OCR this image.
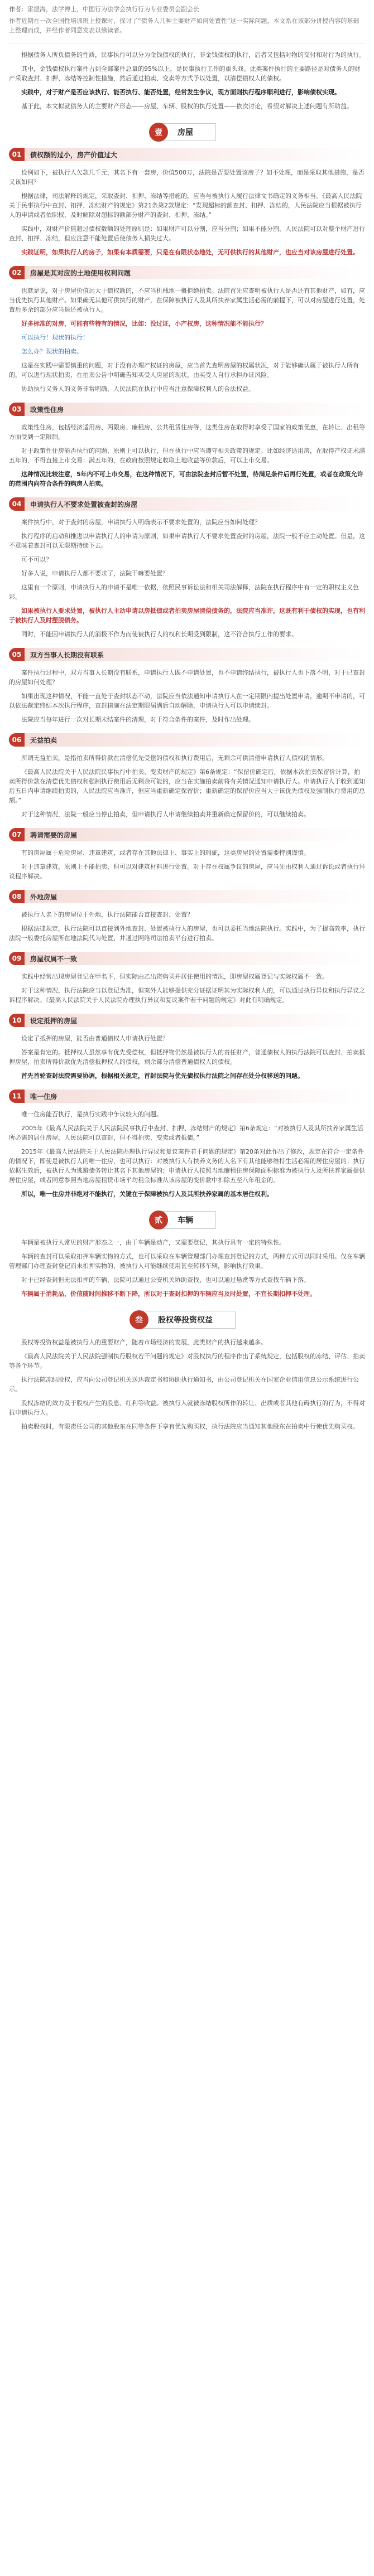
作者：雷振海，法学博士，中国行为法学会执行行为专业委员会副会长

作者近期在一次全国性培训班上授课时，探讨了“债务人几种主要财产如何处置性”这一实际问题，本文系在该部分讲授内容的基础上整理而成，并经作者同意发表以飨读者。

根据债务人所负债务的性质，民事执行可以分为金钱债权的执行、非金钱债权的执行，后者又包括对物的交付和对行为的执行。

其中，金钱债权执行案件占到全部案件总量的95%以上，是民事执行工作的重头戏。此类案件执行的主要路径是对债务人的财产采取查封、扣押、冻结等控制性措施，然后通过拍卖、变卖等方式予以处置，以清偿债权人的债权。

实践中，对于财产是否应该执行、能否执行、能否处置，经常发生争议，现方面则执行程序顺利进行，影响债权实现。

基于此，本文拟就债务人的主要财产形态——房屋、车辆、股权的执行处置——依次讨论，希望对解决上述问题有所助益。

壹	房屋
01	债权额的过小，房产价值过大

设例如下，被执行人欠款几千元，其名下有一套房，价值500万，法院是否要处置该房子？如不处理，而是采取其他措施，是否又该如何？

根据法律，司法解释的规定，采取查封、扣押、冻结等措施的，应当与被执行人履行法律文书确定的义务相当。《最高人民法院关于民事执行中查封、扣押、冻结财产的规定》第21条第2款规定：“发现超标的额查封、扣押、冻结的，人民法院应当根据被执行人的申请或者依职权，及时解除对超标的额部分财产的查封、扣押、冻结。”

实践中，对财产价值超过债权数额的处理原则是：如果财产可以分割，应当分割；如果不能分割，人民法院可以对整个财产进行查封、扣押、冻结，但应注意不能处置后使债务人损失过大。

实践证明，如果执行人的房子，如果有本质需要，只是在有限状态地处，无可供执行的其他财产，也应当对该房屋进行处置。

02	房屋是其对应的土地使用权利问题

也就是说，对于房屋价值远大于债权额的，不应当机械地一概拒绝拍卖。法院首先应查明被执行人是否还有其他财产，如有，应当优先执行其他财产。如果确无其他可供执行的财产，在保障被执行人及其所扶养家属生活必需的前提下，可以对房屋进行处置，处置后多余的部分应当退还被执行人。

好多标准的对房，可能有些特有的情况，比如：没过证，小产权房，这种情况能不能执行？

可以执行！现状的执行！

怎么办？现状的拍卖。

这是在实践中需要慎重的问题，对于没有办理产权证的房屋，应当首先查明房屋的权属状况，对于能够确认属于被执行人所有的，可以进行现状拍卖，在拍卖公告中明确告知买受人房屋的现状，由买受人自行承担办证风险。

协助执行义务人的义务非常明确，人民法院在执行中应当注意保障权利人的合法权益。

03	政策性住房

政策性住房，包括经济适用房、两限房、廉租房、公共租赁住房等，这类住房在取得时享受了国家的政策优惠，在转让、出租等方面受到一定限制。

对于政策性住房能否执行的问题，原则上可以执行，但在执行中应当遵守相关政策的规定。比如经济适用房，在取得产权证未满五年的，不得直接上市交易；满五年的，在政府按照规定收取土地收益等价款后，可以上市交易。

这种情况比较注意，5年内不可上市交易，在这种情况下，可由法院查封后暂不处置，待满足条件后再行处置，或者在政策允许的范围内向符合条件的购房人拍卖。

04	申请执行人不要求处置被查封的房屋

案件执行中，对于查封的房屋，申请执行人明确表示不要求处置的，法院应当如何处理？

执行程序的启动和推进以申请执行人的申请为原则，如果申请执行人不要求处置查封的房屋，法院一般不应主动处置。但是，这不意味着查封可以无限期持续下去。

可不可以？

好多人说，申请执行人都不要求了，法院干嘛要处置？

这里有一个原则，申请执行人的申请不是唯一依据，依照民事诉讼法和相关司法解释，法院在执行程序中有一定的职权主义色彩。

如果被执行人要求处置，被执行人主动申请以房抵债或者拍卖房屋清偿债务的，法院应当准许，这既有利于债权的实现，也有利于被执行人及时摆脱债务。

同时，不能因申请执行人的消极不作为而使被执行人的权利长期受到限制，这不符合执行工作的要求。

05	双方当事人长期没有联系

案件执行过程中，双方当事人长期没有联系，申请执行人既不申请处置，也不申请终结执行，被执行人也下落不明，对于已查封的房屋如何处理？

如果出现这种情况，不能一直处于查封状态不动，法院应当依法通知申请执行人在一定期限内提出处置申请，逾期不申请的，可以依法裁定终结本次执行程序，查封措施在法定期限届满后自动解除，申请执行人可以申请续封。

法院应当每年进行一次对长期未结案件的清理，对于符合条件的案件，及时作出处理。

06	无益拍卖

所谓无益拍卖，是指拍卖所得价款在清偿优先受偿的债权和执行费用后，无剩余可供清偿申请执行人债权的情形。

《最高人民法院关于人民法院民事执行中拍卖、变卖财产的规定》第6条规定：“保留价确定后，依据本次拍卖保留价计算，拍卖所得价款在清偿优先债权和强制执行费用后无剩余可能的，应当在实施拍卖前将有关情况通知申请执行人。申请执行人于收到通知后五日内申请继续拍卖的，人民法院应当准许，但应当重新确定保留价；重新确定的保留价应当大于该优先债权及强制执行费用的总额。”

对于这种情况，法院一般应当停止拍卖，但申请执行人申请继续拍卖并重新确定保留价的，可以继续拍卖。

07	聘请需要的房屋

有的房屋属于危险房屋、违章建筑，或者存在其他法律上、事实上的瑕疵，这类房屋的处置需要特别谨慎。

对于违章建筑，原则上不能拍卖，但可以对建筑材料进行处置。对于存在权属争议的房屋，应当先由权利人通过诉讼或者执行异议程序解决。

08	外地房屋

被执行人名下的房屋位于外地，执行法院能否直接查封、处置？

根据法律规定，执行法院可以直接到外地查封、处置被执行人的房屋，也可以委托当地法院执行。实践中，为了提高效率，执行法院一般委托房屋所在地法院代为处置，并通过网络司法拍卖平台进行拍卖。

09	房屋权属不一致

实践中经常出现房屋登记在甲名下，但实际由乙出资购买并居住使用的情况，即房屋权属登记与实际权属不一致。

对于这种情况，执行法院应当以登记为准，但案外人能够提供充分证据证明其为实际权利人的，可以通过执行异议和执行异议之诉程序解决。《最高人民法院关于人民法院办理执行异议和复议案件若干问题的规定》对此有明确规定。

10	设定抵押的房屋

设定了抵押的房屋，能否由普通债权人申请执行处置？

答案是肯定的。抵押权人虽然享有优先受偿权，但抵押物仍然是被执行人的责任财产，普通债权人的执行法院可以查封、拍卖抵押房屋，拍卖所得价款优先清偿抵押权人的债权，剩余部分清偿普通债权人的债权。

首先首轮查封法院需要协调，根据相关规定，首封法院与优先债权执行法院之间存在处分权移送的问题。

11	唯一住房

唯一住房能否执行，是执行实践中争议较大的问题。

2005年《最高人民法院关于人民法院民事执行中查封、扣押、冻结财产的规定》第6条规定：“对被执行人及其所扶养家属生活所必需的居住房屋，人民法院可以查封，但不得拍卖、变卖或者抵债。”

2015年《最高人民法院关于人民法院办理执行异议和复议案件若干问题的规定》第20条对此作出了修改，规定在符合一定条件的情况下，即使是被执行人的唯一住房，也可以执行：对被执行人有扶养义务的人名下有其他能够维持生活必需的居住房屋的；执行依据生效后，被执行人为逃避债务转让其名下其他房屋的；申请执行人按照当地廉租住房保障面积标准为被执行人及所扶养家属提供居住房屋，或者同意参照当地房屋租赁市场平均租金标准从该房屋的变价款中扣除五至八年租金的。

所以，唯一住房并非绝对不能执行，关键在于保障被执行人及其所扶养家属的基本居住权利。

贰	车辆

车辆是被执行人常见的财产形态之一，由于车辆是动产，又需要登记，其执行具有一定的特殊性。

车辆的查封可以采取扣押车辆实物的方式，也可以采取在车辆管理部门办理查封登记的方式，两种方式可以同时采用。仅在车辆管理部门办理查封登记而未扣押实物的，被执行人可能继续使用甚至转移车辆，影响执行效果。

对于已经查封但无法扣押的车辆，法院可以通过公安机关协助查找，也可以通过悬赏等方式查找车辆下落。

车辆属于消耗品，价值随时间推移不断下降，所以对于查封扣押的车辆应当及时处置，不宜长期扣押不处理。

叁	股权等投资权益

股权等投资权益是被执行人的重要财产，随着市场经济的发展，此类财产的执行越来越多。

《最高人民法院关于人民法院强制执行股权若干问题的规定》对股权执行的程序作出了系统规定，包括股权的冻结、评估、拍卖等各个环节。

执行法院冻结股权，应当向公司登记机关送达裁定书和协助执行通知书，由公司登记机关在国家企业信用信息公示系统进行公示。

股权冻结的效力及于股权产生的股息、红利等收益。被执行人就被冻结股权所作的转让、出质或者其他有碍执行的行为，不得对抗申请执行人。

拍卖股权时，有限责任公司的其他股东在同等条件下享有优先购买权，执行法院应当通知其他股东在拍卖中行使优先购买权。
